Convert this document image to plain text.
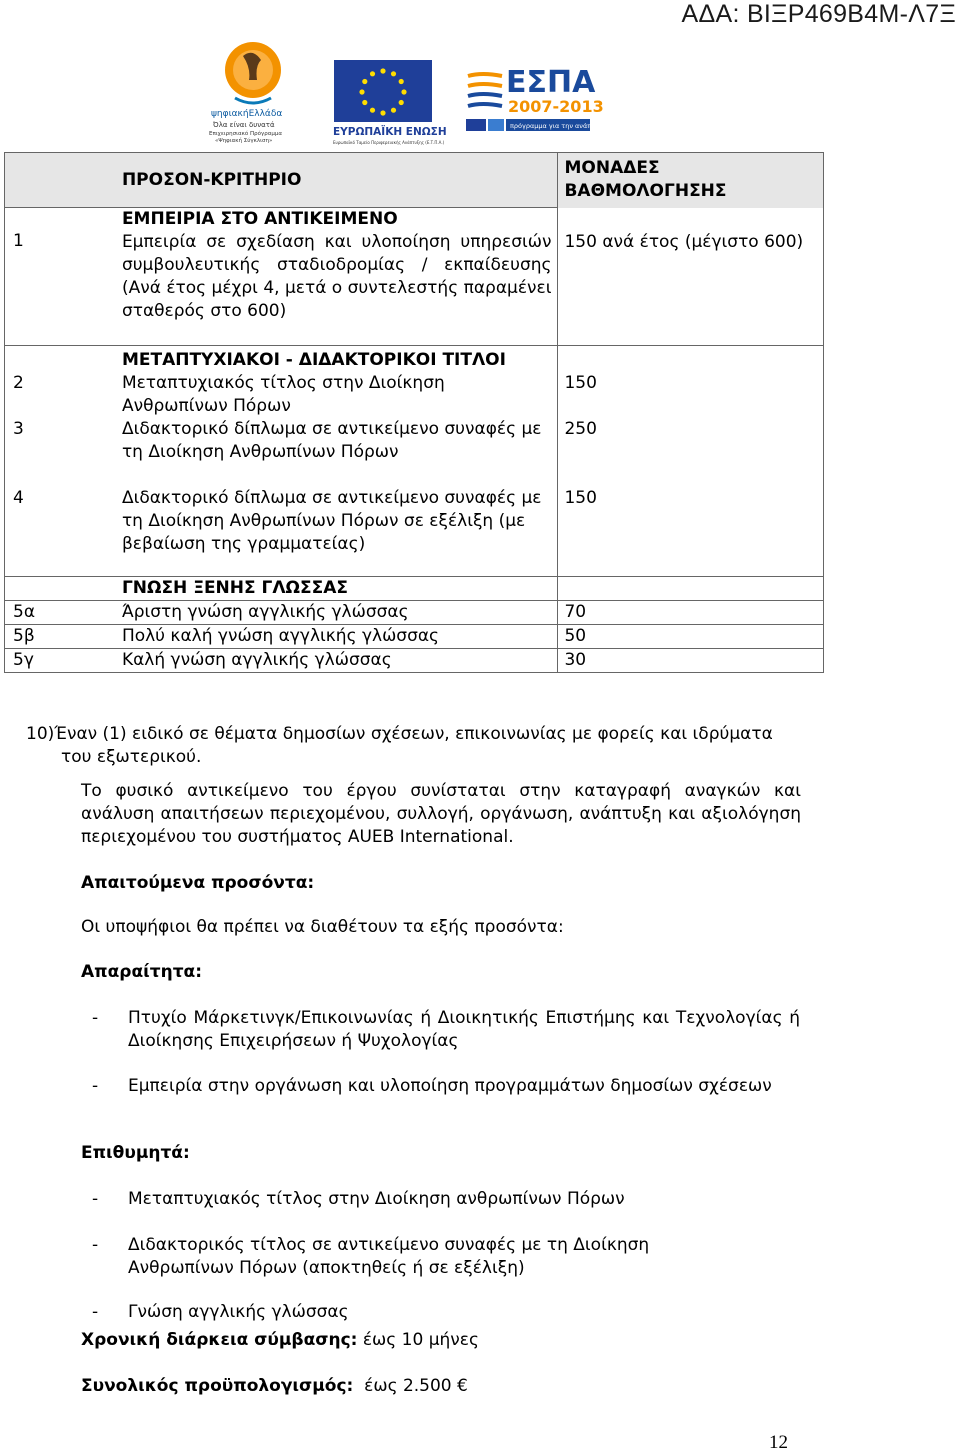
ΑΔΑ: ΒΙΞΡ469Β4Μ-Λ7Ξ
ψηφιακήΕλλάδα
Όλα είναι δυνατά
Επιχειρησιακό Πρόγραμμα
«Ψηφιακή Σύγκλιση»
ΕΥΡΩΠΑΪΚΗ ΕΝΩΣΗ
Ευρωπαϊκό Ταμείο Περιφερειακής Ανάπτυξης (Ε.Τ.Π.Α.)
ΕΣΠΑ
2007-2013
πρόγραμμα για την ανάπτυξη
	ΠΡΟΣΟΝ-ΚΡΙΤΗΡΙΟ	ΜΟΝΑΔΕΣ ΒΑΘΜΟΛΟΓΗΣΗΣ
1	ΕΜΠΕΙΡΙΑ ΣΤΟ ΑΝΤΙΚΕΙΜΕΝΟ
Εμπειρία σε σχεδίαση και υλοποίηση υπηρεσιών συμβουλευτικής σταδιοδρομίας / εκπαίδευσης (Ανά έτος μέχρι 4, μετά ο συντελεστής παραμένει σταθερός στο 600)	150 ανά έτος (μέγιστο 600)
	ΜΕΤΑΠΤΥΧΙΑΚΟΙ - ΔΙΔΑΚΤΟΡΙΚΟΙ ΤΙΤΛΟΙ	
2	Μεταπτυχιακός τίτλος στην Διοίκηση Ανθρωπίνων Πόρων	150
3	Διδακτορικό δίπλωμα σε αντικείμενο συναφές με τη Διοίκηση Ανθρωπίνων Πόρων	250
4	Διδακτορικό δίπλωμα σε αντικείμενο συναφές με τη Διοίκηση Ανθρωπίνων Πόρων σε εξέλιξη (με βεβαίωση της γραμματείας)	150
	ΓΝΩΣΗ ΞΕΝΗΣ ΓΛΩΣΣΑΣ	
5α	Άριστη γνώση αγγλικής γλώσσας	70
5β	Πολύ καλή γνώση αγγλικής γλώσσας	50
5γ	Καλή γνώση αγγλικής γλώσσας	30
10)Έναν (1) ειδικό σε θέματα δημοσίων σχέσεων, επικοινωνίας με φορείς και ιδρύματα
του εξωτερικού.
Το φυσικό αντικείμενο του έργου συνίσταται στην καταγραφή αναγκών και ανάλυση απαιτήσεων περιεχομένου, συλλογή, οργάνωση, ανάπτυξη και αξιολόγηση περιεχομένου του συστήματος AUEB International.
Απαιτούμενα προσόντα:
Οι υποψήφιοι θα πρέπει να διαθέτουν τα εξής προσόντα:
Απαραίτητα:
- Πτυχίο Μάρκετινγκ/Επικοινωνίας ή Διοικητικής Επιστήμης και Τεχνολογίας ή Διοίκησης Επιχειρήσεων ή Ψυχολογίας
- Εμπειρία στην οργάνωση και υλοποίηση προγραμμάτων δημοσίων σχέσεων
Επιθυμητά:
- Μεταπτυχιακός τίτλος στην Διοίκηση ανθρωπίνων Πόρων
- Διδακτορικός τίτλος σε αντικείμενο συναφές με τη Διοίκηση Ανθρωπίνων Πόρων (αποκτηθείς ή σε εξέλιξη)
- Γνώση αγγλικής γλώσσας
Χρονική διάρκεια σύμβασης: έως 10 μήνες
Συνολικός προϋπολογισμός:  έως 2.500 €
12
